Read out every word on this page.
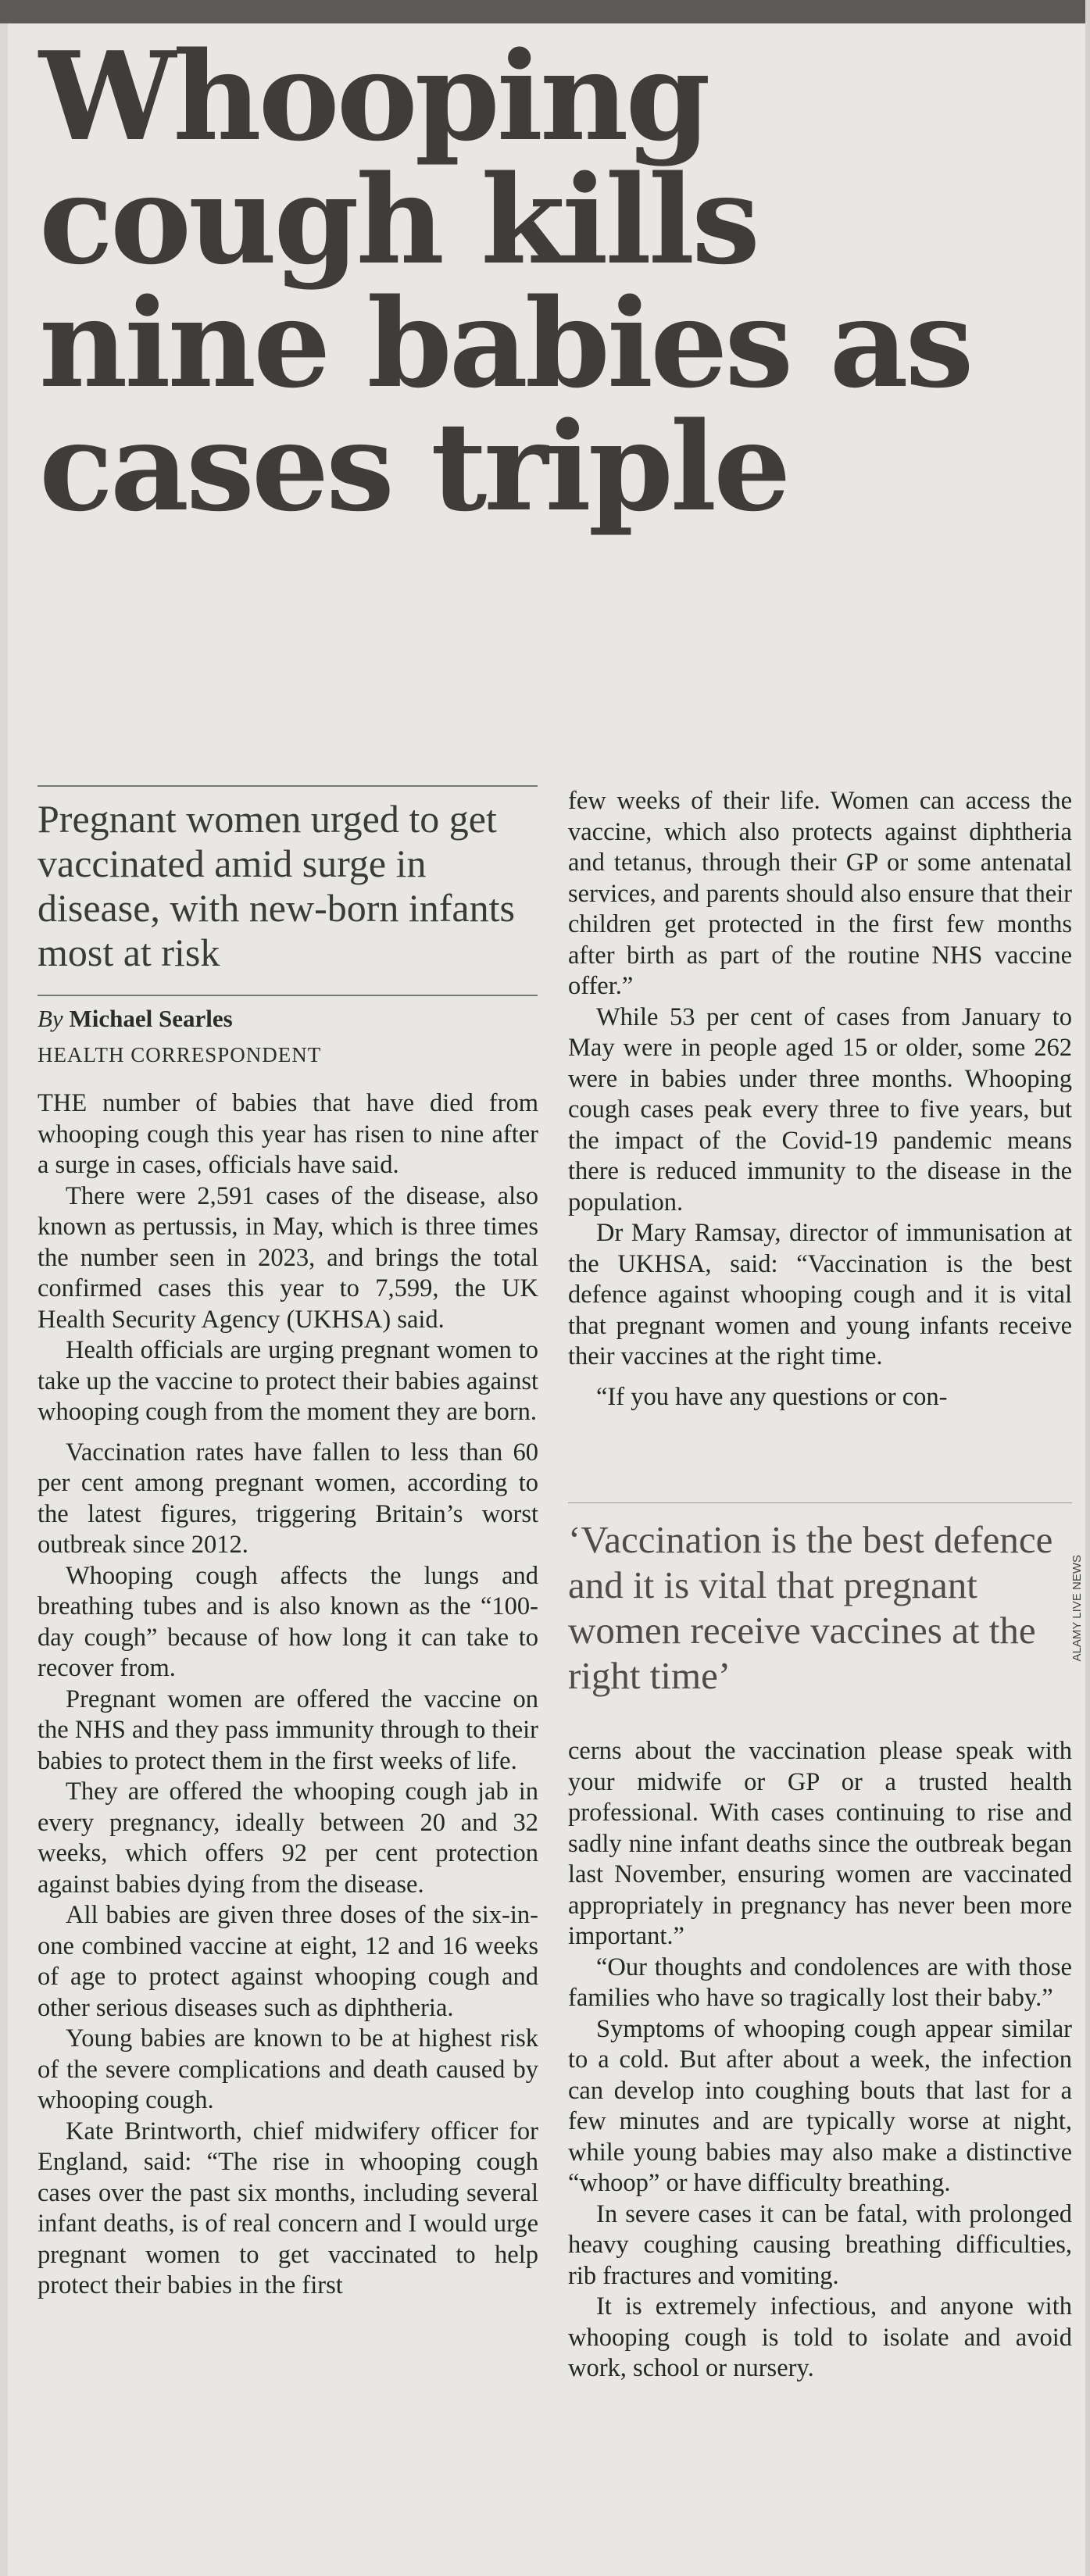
Whooping cough kills nine babies as cases triple

Pregnant women urged to get vaccinated amid surge in disease, with new-born infants most at risk

By Michael Searles

HEALTH CORRESPONDENT

THE number of babies that have died from whooping cough this year has risen to nine after a surge in cases, officials have said.

There were 2,591 cases of the disease, also known as pertussis, in May, which is three times the number seen in 2023, and brings the total confirmed cases this year to 7,599, the UK Health Security Agency (UKHSA) said.

Health officials are urging pregnant women to take up the vaccine to protect their babies against whooping cough from the moment they are born.

Vaccination rates have fallen to less than 60 per cent among pregnant women, according to the latest figures, triggering Britain’s worst outbreak since 2012.

Whooping cough affects the lungs and breathing tubes and is also known as the “100-day cough” because of how long it can take to recover from.

Pregnant women are offered the vaccine on the NHS and they pass immunity through to their babies to protect them in the first weeks of life.

They are offered the whooping cough jab in every pregnancy, ideally between 20 and 32 weeks, which offers 92 per cent protection against babies dying from the disease.

All babies are given three doses of the six-in-one combined vaccine at eight, 12 and 16 weeks of age to protect against whooping cough and other serious diseases such as diphtheria.

Young babies are known to be at highest risk of the severe complications and death caused by whooping cough.

Kate Brintworth, chief midwifery officer for England, said: “The rise in whooping cough cases over the past six months, including several infant deaths, is of real concern and I would urge pregnant women to get vaccinated to help protect their babies in the first

few weeks of their life. Women can access the vaccine, which also protects against diphtheria and tetanus, through their GP or some antenatal services, and parents should also ensure that their children get protected in the first few months after birth as part of the routine NHS vaccine offer.”

While 53 per cent of cases from January to May were in people aged 15 or older, some 262 were in babies under three months. Whooping cough cases peak every three to five years, but the impact of the Covid-19 pandemic means there is reduced immunity to the disease in the population.

Dr Mary Ramsay, director of immunisation at the UKHSA, said: “Vaccination is the best defence against whooping cough and it is vital that pregnant women and young infants receive their vaccines at the right time.

“If you have any questions or con-

‘Vaccination is the best defence and it is vital that pregnant women receive vaccines at the right time’

ALAMY LIVE NEWS

cerns about the vaccination please speak with your midwife or GP or a trusted health professional. With cases continuing to rise and sadly nine infant deaths since the outbreak began last November, ensuring women are vaccinated appropriately in pregnancy has never been more important.”

“Our thoughts and condolences are with those families who have so tragically lost their baby.”

Symptoms of whooping cough appear similar to a cold. But after about a week, the infection can develop into coughing bouts that last for a few minutes and are typically worse at night, while young babies may also make a distinctive “whoop” or have difficulty breathing.

In severe cases it can be fatal, with prolonged heavy coughing causing breathing difficulties, rib fractures and vomiting.

It is extremely infectious, and anyone with whooping cough is told to isolate and avoid work, school or nursery.
